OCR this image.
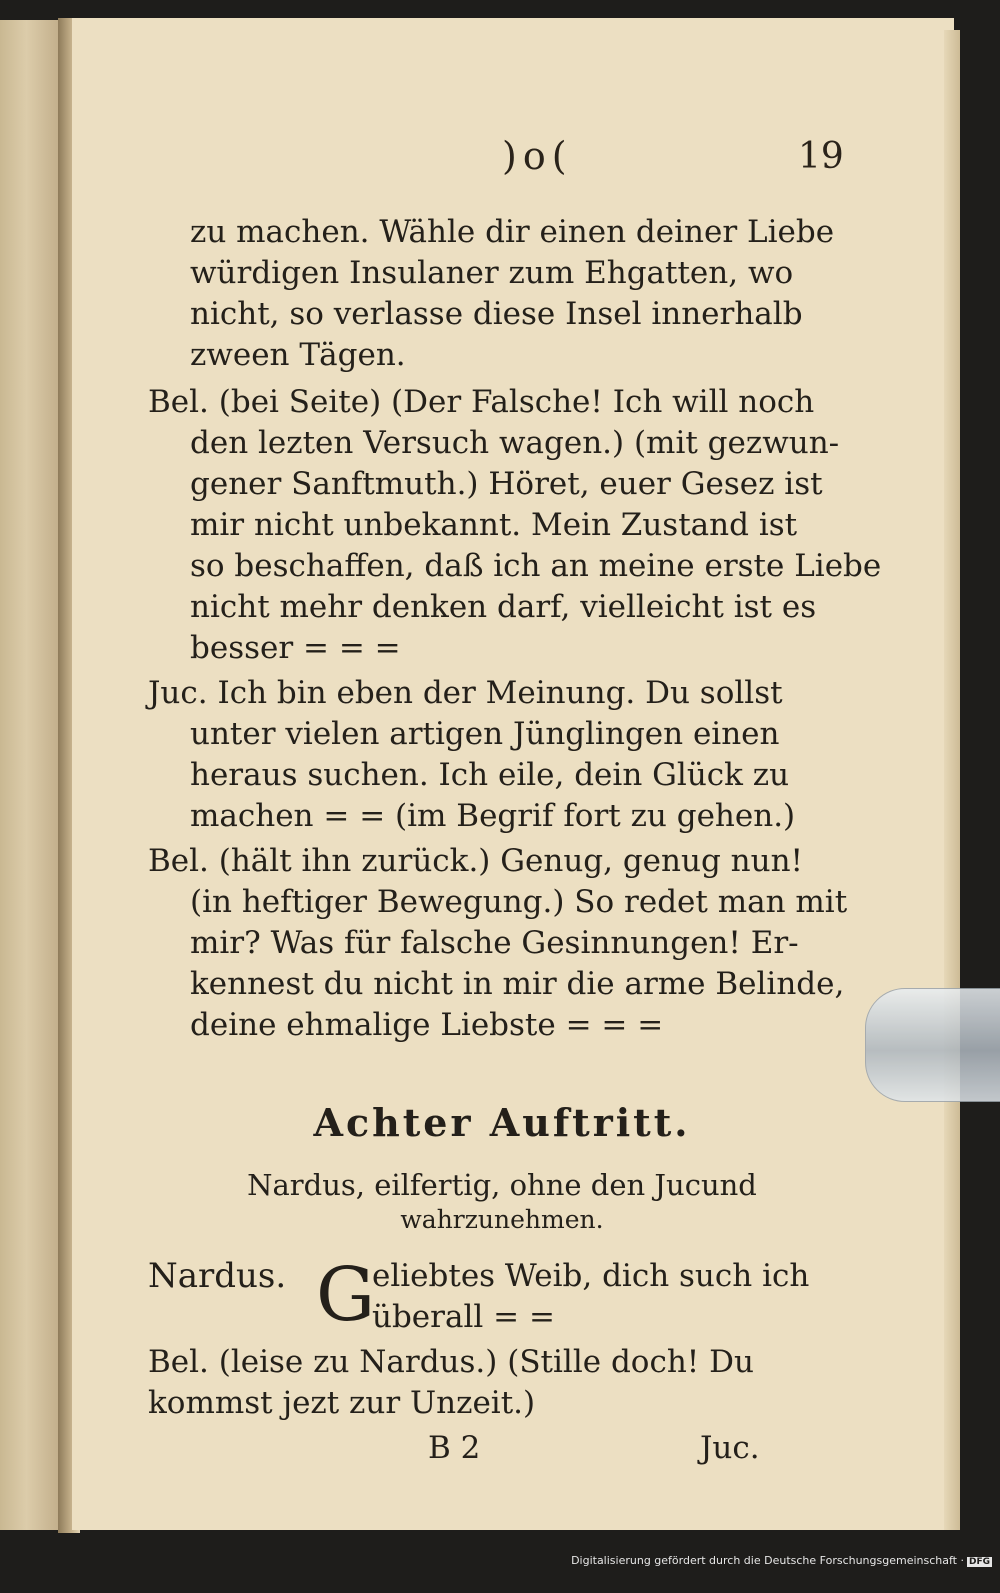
)o(	19
zu machen. Wähle dir einen deiner Liebe
würdigen Insulaner zum Ehgatten, wo
nicht, so verlasse diese Insel innerhalb
zween Tägen.
Bel. (bei Seite) (Der Falsche! Ich will noch
den lezten Versuch wagen.) (mit gezwun-
gener Sanftmuth.) Höret, euer Gesez ist
mir nicht unbekannt. Mein Zustand ist
so beschaffen, daß ich an meine erste Liebe
nicht mehr denken darf, vielleicht ist es
besser = = =
Juc. Ich bin eben der Meinung. Du sollst
unter vielen artigen Jünglingen einen
heraus suchen. Ich eile, dein Glück zu
machen = = (im Begrif fort zu gehen.)
Bel. (hält ihn zurück.) Genug, genug nun!
(in heftiger Bewegung.) So redet man mit
mir? Was für falsche Gesinnungen! Er-
kennest du nicht in mir die arme Belinde,
deine ehmalige Liebste = = =
Achter Auftritt.
Nardus, eilfertig, ohne den Jucund
wahrzunehmen.
Nardus. G
eliebtes Weib, dich such ich
überall = =
Bel. (leise zu Nardus.) (Stille doch! Du
kommst jezt zur Unzeit.)
B 2	Juc.
Digitalisierung gefördert durch die Deutsche Forschungsgemeinschaft · DFG
